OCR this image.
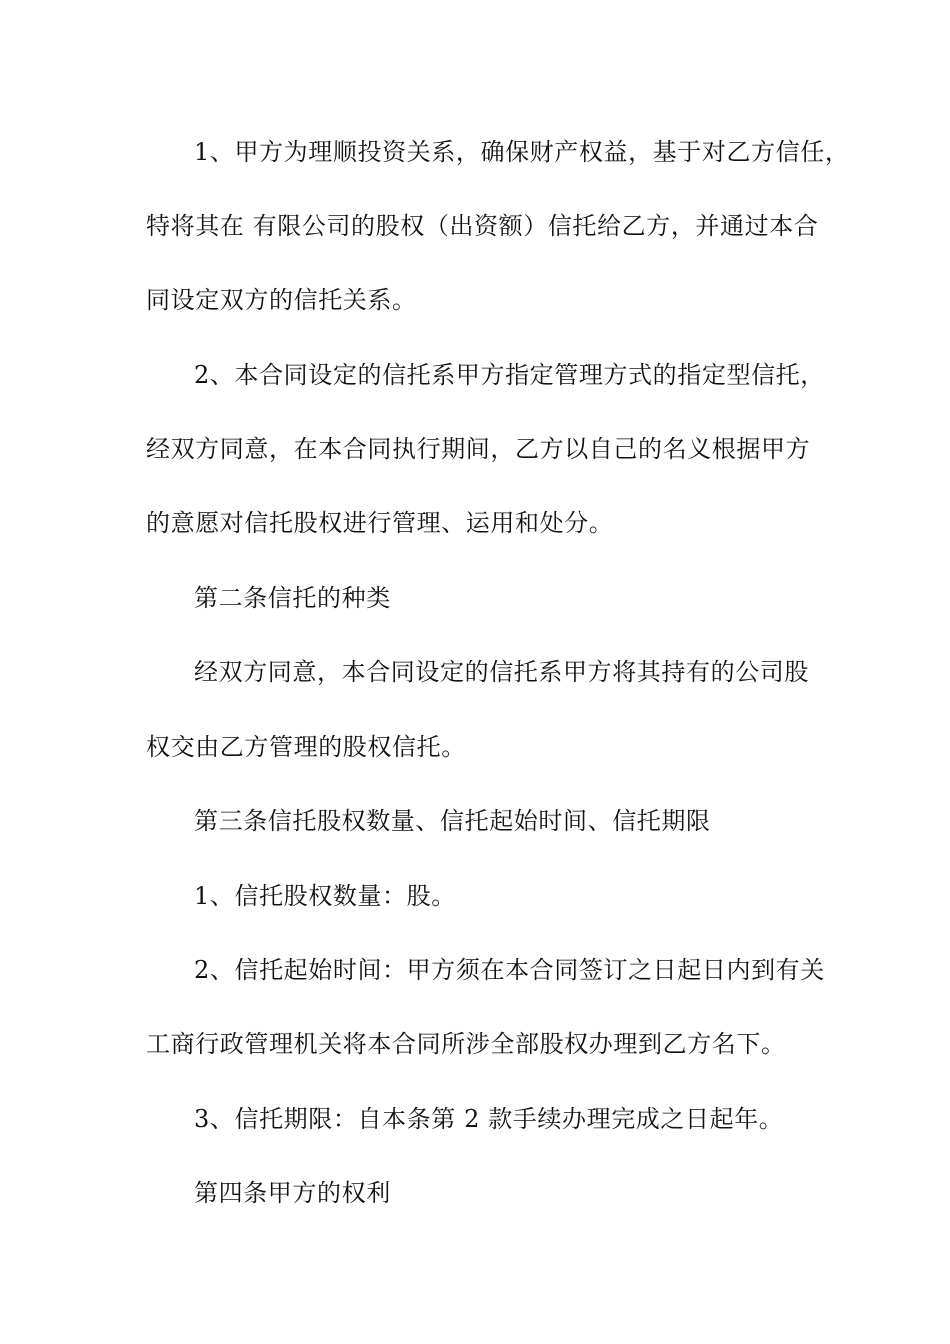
1、甲方为理顺投资关系，确保财产权益，基于对乙方信任，
特将其在 有限公司的股权（出资额）信托给乙方，并通过本合
同设定双方的信托关系。
2、本合同设定的信托系甲方指定管理方式的指定型信托，
经双方同意，在本合同执行期间，乙方以自己的名义根据甲方
的意愿对信托股权进行管理、运用和处分。
第二条信托的种类
经双方同意，本合同设定的信托系甲方将其持有的公司股
权交由乙方管理的股权信托。
第三条信托股权数量、信托起始时间、信托期限
1、信托股权数量：股。
2、信托起始时间：甲方须在本合同签订之日起日内到有关
工商行政管理机关将本合同所涉全部股权办理到乙方名下。
3、信托期限：自本条第 2 款手续办理完成之日起年。
第四条甲方的权利
